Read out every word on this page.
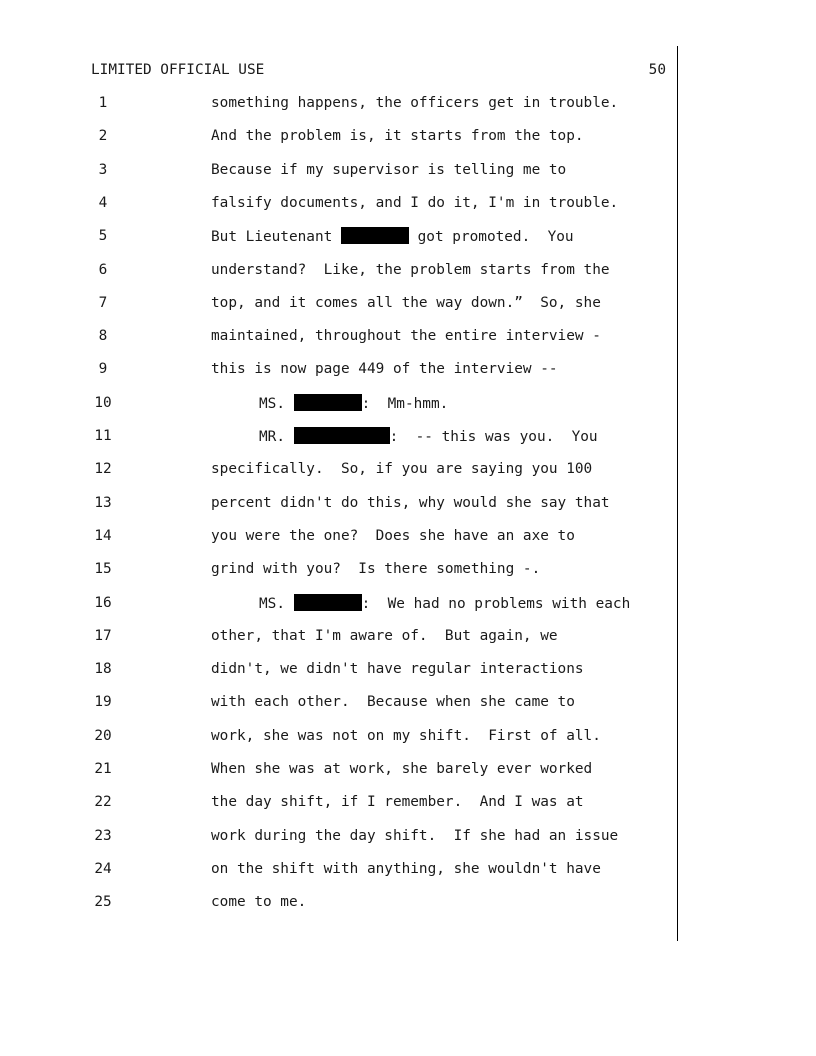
LIMITED OFFICIAL USE	50
1	something happens, the officers get in trouble.
2	And the problem is, it starts from the top.
3	Because if my supervisor is telling me to
4	falsify documents, and I do it, I'm in trouble.
5	But Lieutenant	got promoted.  You
6	understand?  Like, the problem starts from the
7	top, and it comes all the way down.”  So, she
8	maintained, throughout the entire interview -
9	this is now page 449 of the interview --
10	MS.	:  Mm-hmm.
11	MR.	:  -- this was you.  You
12	specifically.  So, if you are saying you 100
13	percent didn't do this, why would she say that
14	you were the one?  Does she have an axe to
15	grind with you?  Is there something -.
16	MS.	:  We had no problems with each
17	other, that I'm aware of.  But again, we
18	didn't, we didn't have regular interactions
19	with each other.  Because when she came to
20	work, she was not on my shift.  First of all.
21	When she was at work, she barely ever worked
22	the day shift, if I remember.  And I was at
23	work during the day shift.  If she had an issue
24	on the shift with anything, she wouldn't have
25	come to me.
